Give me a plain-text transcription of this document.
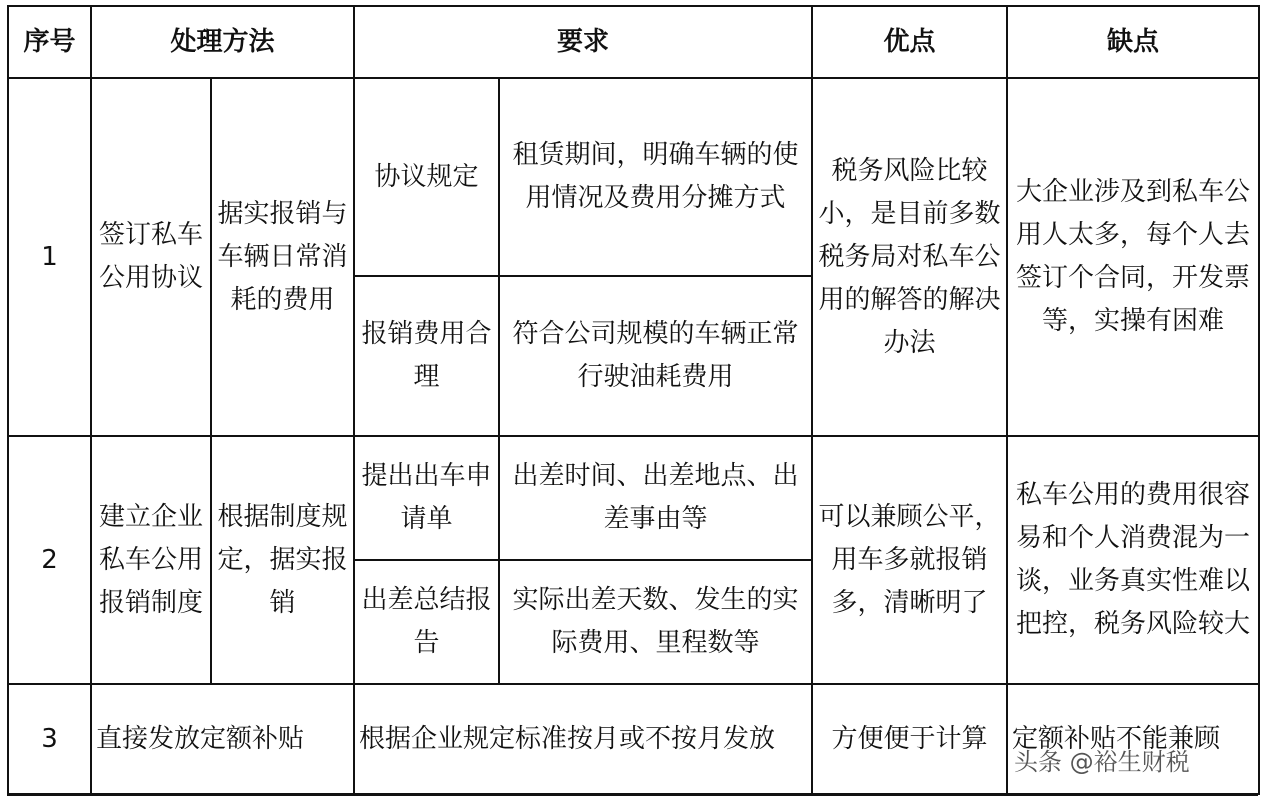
序号	处理方法		要求		优点	缺点
1	签订私车公用协议	据实报销与车辆日常消耗的费用	协议规定	租赁期间，明确车辆的使用情况及费用分摊方式	税务风险比较小，是目前多数税务局对私车公用的解答的解决办法	大企业涉及到私车公用人太多，每个人去签订个合同，开发票等，实操有困难
			报销费用合理	符合公司规模的车辆正常行驶油耗费用		
2	建立企业私车公用报销制度	根据制度规定，据实报销	提出出车申请单	出差时间、出差地点、出差事由等	可以兼顾公平，用车多就报销多，清晰明了	私车公用的费用很容易和个人消费混为一谈，业务真实性难以把控，税务风险较大
			出差总结报告	实际出差天数、发生的实际费用、里程数等		
3	直接发放定额补贴		根据企业规定标准按月或不按月发放		方便便于计算	定额补贴不能兼顾
头条 @裕生财税
